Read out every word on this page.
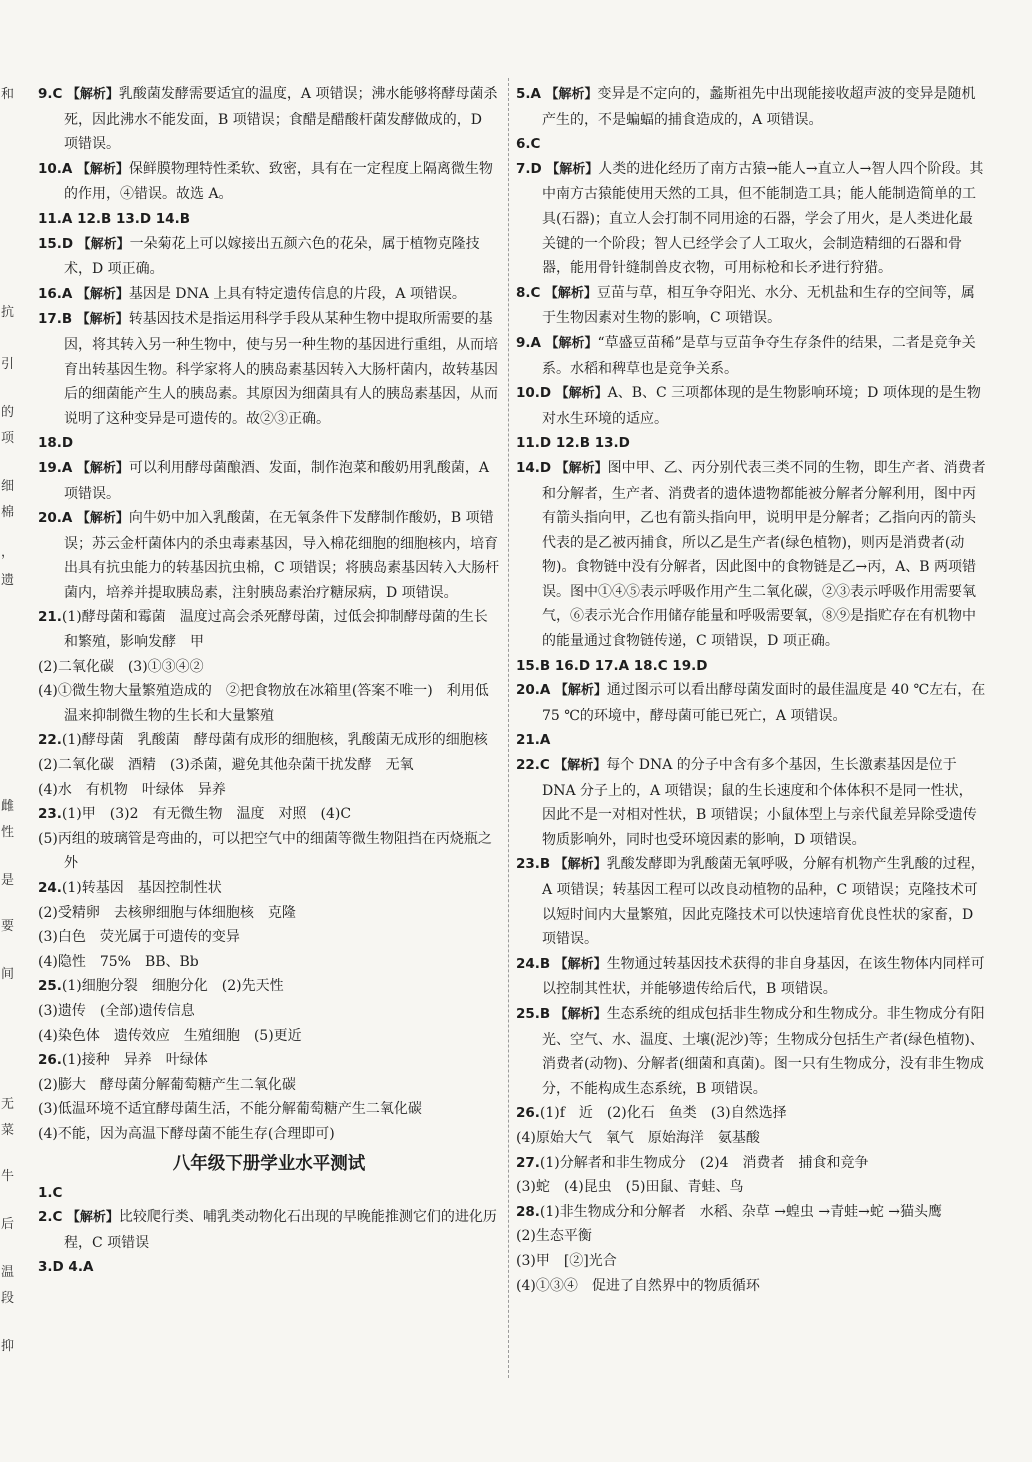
和
抗
引
的
项
细
棉
，
遗
雌
性
是
要
间
无
菜
牛
后
温
段
抑

9.C 【解析】乳酸菌发酵需要适宜的温度，A 项错误；沸水能够将酵母菌杀死，因此沸水不能发面，B 项错误；食醋是醋酸杆菌发酵做成的，D 项错误。

10.A 【解析】保鲜膜物理特性柔软、致密，具有在一定程度上隔离微生物的作用，④错误。故选 A。

11.A 12.B 13.D 14.B

15.D 【解析】一朵菊花上可以嫁接出五颜六色的花朵，属于植物克隆技术，D 项正确。

16.A 【解析】基因是 DNA 上具有特定遗传信息的片段，A 项错误。

17.B 【解析】转基因技术是指运用科学手段从某种生物中提取所需要的基因，将其转入另一种生物中，使与另一种生物的基因进行重组，从而培育出转基因生物。科学家将人的胰岛素基因转入大肠杆菌内，故转基因后的细菌能产生人的胰岛素。其原因为细菌具有人的胰岛素基因，从而说明了这种变异是可遗传的。故②③正确。

18.D

19.A 【解析】可以利用酵母菌酿酒、发面，制作泡菜和酸奶用乳酸菌，A 项错误。

20.A 【解析】向牛奶中加入乳酸菌，在无氧条件下发酵制作酸奶，B 项错误；苏云金杆菌体内的杀虫毒素基因，导入棉花细胞的细胞核内，培育出具有抗虫能力的转基因抗虫棉，C 项错误；将胰岛素基因转入大肠杆菌内，培养并提取胰岛素，注射胰岛素治疗糖尿病，D 项错误。

21.(1)酵母菌和霉菌　温度过高会杀死酵母菌，过低会抑制酵母菌的生长和繁殖，影响发酵　甲
(2)二氧化碳　(3)①③④②
(4)①微生物大量繁殖造成的　②把食物放在冰箱里(答案不唯一)　利用低温来抑制微生物的生长和大量繁殖

22.(1)酵母菌　乳酸菌　酵母菌有成形的细胞核，乳酸菌无成形的细胞核
(2)二氧化碳　酒精　(3)杀菌，避免其他杂菌干扰发酵　无氧
(4)水　有机物　叶绿体　异养

23.(1)甲　(3)2　有无微生物　温度　对照　(4)C
(5)丙组的玻璃管是弯曲的，可以把空气中的细菌等微生物阻挡在丙烧瓶之外

24.(1)转基因　基因控制性状
(2)受精卵　去核卵细胞与体细胞核　克隆
(3)白色　荧光属于可遗传的变异
(4)隐性　75%　BB、Bb

25.(1)细胞分裂　细胞分化　(2)先天性
(3)遗传　(全部)遗传信息
(4)染色体　遗传效应　生殖细胞　(5)更近

26.(1)接种　异养　叶绿体
(2)膨大　酵母菌分解葡萄糖产生二氧化碳
(3)低温环境不适宜酵母菌生活，不能分解葡萄糖产生二氧化碳
(4)不能，因为高温下酵母菌不能生存(合理即可)

八年级下册学业水平测试

1.C

2.C 【解析】比较爬行类、哺乳类动物化石出现的早晚能推测它们的进化历程，C 项错误

3.D 4.A

5.A 【解析】变异是不定向的，蠡斯祖先中出现能接收超声波的变异是随机产生的，不是蝙蝠的捕食造成的，A 项错误。

6.C

7.D 【解析】人类的进化经历了南方古猿→能人→直立人→智人四个阶段。其中南方古猿能使用天然的工具，但不能制造工具；能人能制造简单的工具(石器)；直立人会打制不同用途的石器，学会了用火，是人类进化最关键的一个阶段；智人已经学会了人工取火，会制造精细的石器和骨器，能用骨针缝制兽皮衣物，可用标枪和长矛进行狩猎。

8.C 【解析】豆苗与草，相互争夺阳光、水分、无机盐和生存的空间等，属于生物因素对生物的影响，C 项错误。

9.A 【解析】“草盛豆苗稀”是草与豆苗争夺生存条件的结果，二者是竞争关系。水稻和稗草也是竞争关系。

10.D 【解析】A、B、C 三项都体现的是生物影响环境；D 项体现的是生物对水生环境的适应。

11.D 12.B 13.D

14.D 【解析】图中甲、乙、丙分别代表三类不同的生物，即生产者、消费者和分解者，生产者、消费者的遗体遗物都能被分解者分解利用，图中丙有箭头指向甲，乙也有箭头指向甲，说明甲是分解者；乙指向丙的箭头代表的是乙被丙捕食，所以乙是生产者(绿色植物)，则丙是消费者(动物)。食物链中没有分解者，因此图中的食物链是乙→丙，A、B 两项错误。图中①④⑤表示呼吸作用产生二氧化碳，②③表示呼吸作用需要氧气，⑥表示光合作用储存能量和呼吸需要氧，⑧⑨是指贮存在有机物中的能量通过食物链传递，C 项错误，D 项正确。

15.B 16.D 17.A 18.C 19.D

20.A 【解析】通过图示可以看出酵母菌发面时的最佳温度是 40 ℃左右，在 75 ℃的环境中，酵母菌可能已死亡，A 项错误。

21.A

22.C 【解析】每个 DNA 的分子中含有多个基因，生长激素基因是位于 DNA 分子上的，A 项错误；鼠的生长速度和个体体积不是同一性状，因此不是一对相对性状，B 项错误；小鼠体型上与亲代鼠差异除受遗传物质影响外，同时也受环境因素的影响，D 项错误。

23.B 【解析】乳酸发酵即为乳酸菌无氧呼吸，分解有机物产生乳酸的过程，A 项错误；转基因工程可以改良动植物的品种，C 项错误；克隆技术可以短时间内大量繁殖，因此克隆技术可以快速培育优良性状的家畜，D 项错误。

24.B 【解析】生物通过转基因技术获得的非自身基因，在该生物体内同样可以控制其性状，并能够遗传给后代，B 项错误。

25.B 【解析】生态系统的组成包括非生物成分和生物成分。非生物成分有阳光、空气、水、温度、土壤(泥沙)等；生物成分包括生产者(绿色植物)、消费者(动物)、分解者(细菌和真菌)。图一只有生物成分，没有非生物成分，不能构成生态系统，B 项错误。

26.(1)f　近　(2)化石　鱼类　(3)自然选择
(4)原始大气　氧气　原始海洋　氨基酸

27.(1)分解者和非生物成分　(2)4　消费者　捕食和竞争
(3)蛇　(4)昆虫　(5)田鼠、青蛙、鸟

28.(1)非生物成分和分解者　水稻、杂草 →蝗虫 →青蛙→蛇 →猫头鹰
(2)生态平衡
(3)甲　[②]光合
(4)①③④　促进了自然界中的物质循环
